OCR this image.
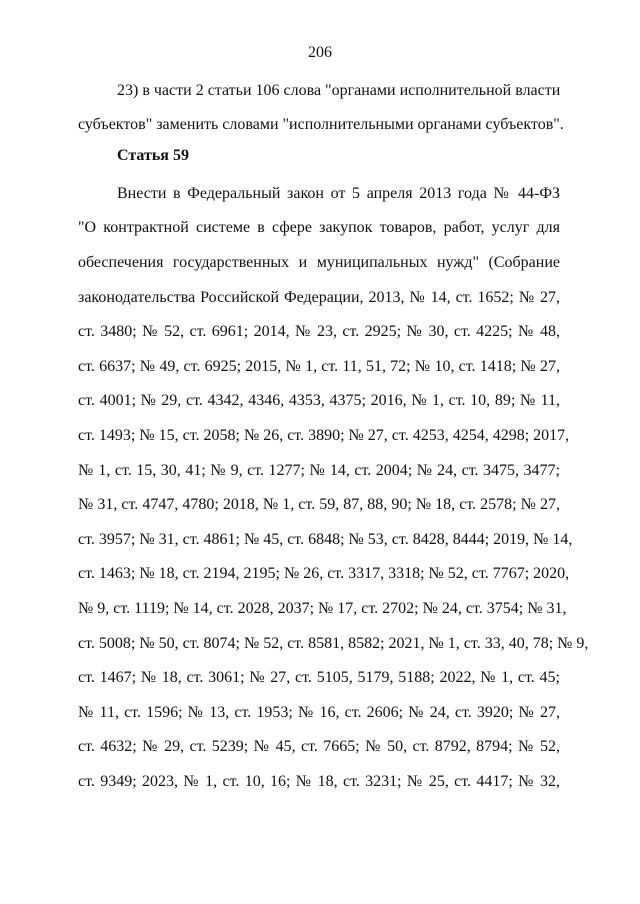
206
23) в части 2 статьи 106 слова "органами исполнительной власти
субъектов" заменить словами "исполнительными органами субъектов".
Статья 59
Внести в Федеральный закон от 5 апреля 2013 года № 44-ФЗ
"О контрактной системе в сфере закупок товаров, работ, услуг для
обеспечения государственных и муниципальных нужд" (Собрание
законодательства Российской Федерации, 2013, № 14, ст. 1652; № 27,
ст. 3480; № 52, ст. 6961; 2014, № 23, ст. 2925; № 30, ст. 4225; № 48,
ст. 6637; № 49, ст. 6925; 2015, № 1, ст. 11, 51, 72; № 10, ст. 1418; № 27,
ст. 4001; № 29, ст. 4342, 4346, 4353, 4375; 2016, № 1, ст. 10, 89; № 11,
ст. 1493; № 15, ст. 2058; № 26, ст. 3890; № 27, ст. 4253, 4254, 4298; 2017,
№ 1, ст. 15, 30, 41; № 9, ст. 1277; № 14, ст. 2004; № 24, ст. 3475, 3477;
№ 31, ст. 4747, 4780; 2018, № 1, ст. 59, 87, 88, 90; № 18, ст. 2578; № 27,
ст. 3957; № 31, ст. 4861; № 45, ст. 6848; № 53, ст. 8428, 8444; 2019, № 14,
ст. 1463; № 18, ст. 2194, 2195; № 26, ст. 3317, 3318; № 52, ст. 7767; 2020,
№ 9, ст. 1119; № 14, ст. 2028, 2037; № 17, ст. 2702; № 24, ст. 3754; № 31,
ст. 5008; № 50, ст. 8074; № 52, ст. 8581, 8582; 2021, № 1, ст. 33, 40, 78; № 9,
ст. 1467; № 18, ст. 3061; № 27, ст. 5105, 5179, 5188; 2022, № 1, ст. 45;
№ 11, ст. 1596; № 13, ст. 1953; № 16, ст. 2606; № 24, ст. 3920; № 27,
ст. 4632; № 29, ст. 5239; № 45, ст. 7665; № 50, ст. 8792, 8794; № 52,
ст. 9349; 2023, № 1, ст. 10, 16; № 18, ст. 3231; № 25, ст. 4417; № 32,
